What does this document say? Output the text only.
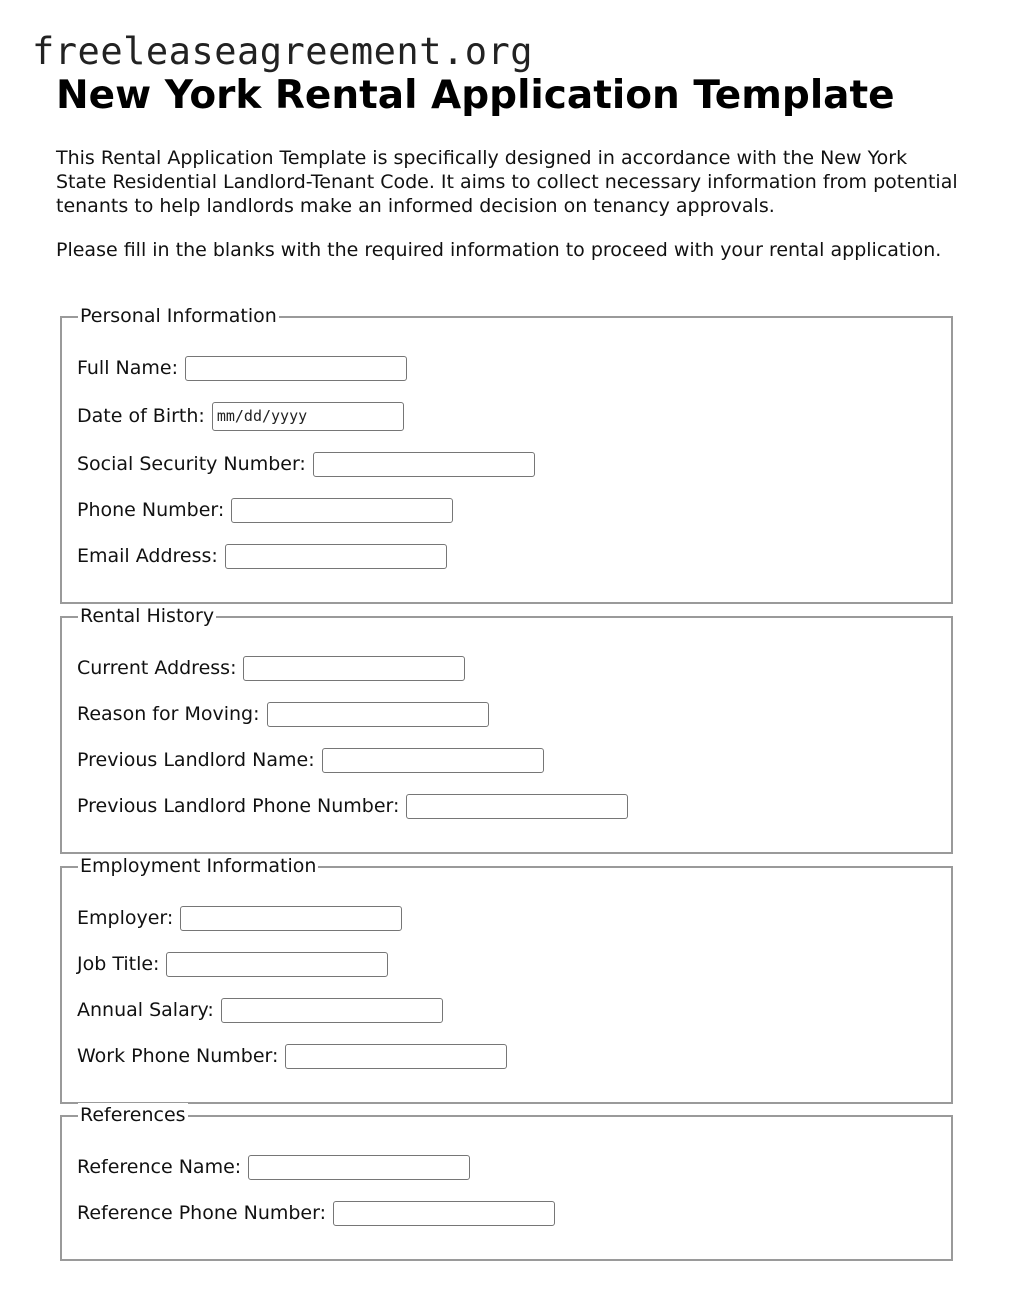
freeleaseagreement.org
New York Rental Application Template

This Rental Application Template is specifically designed in accordance with the New York State Residential Landlord-Tenant Code. It aims to collect necessary information from potential tenants to help landlords make an informed decision on tenancy approvals.

Please fill in the blanks with the required information to proceed with your rental application.

Personal Information
Full Name:
Date of Birth: mm/dd/yyyy
Social Security Number:
Phone Number:
Email Address:
Rental History
Current Address:
Reason for Moving:
Previous Landlord Name:
Previous Landlord Phone Number:
Employment Information
Employer:
Job Title:
Annual Salary:
Work Phone Number:
References
Reference Name:
Reference Phone Number:
